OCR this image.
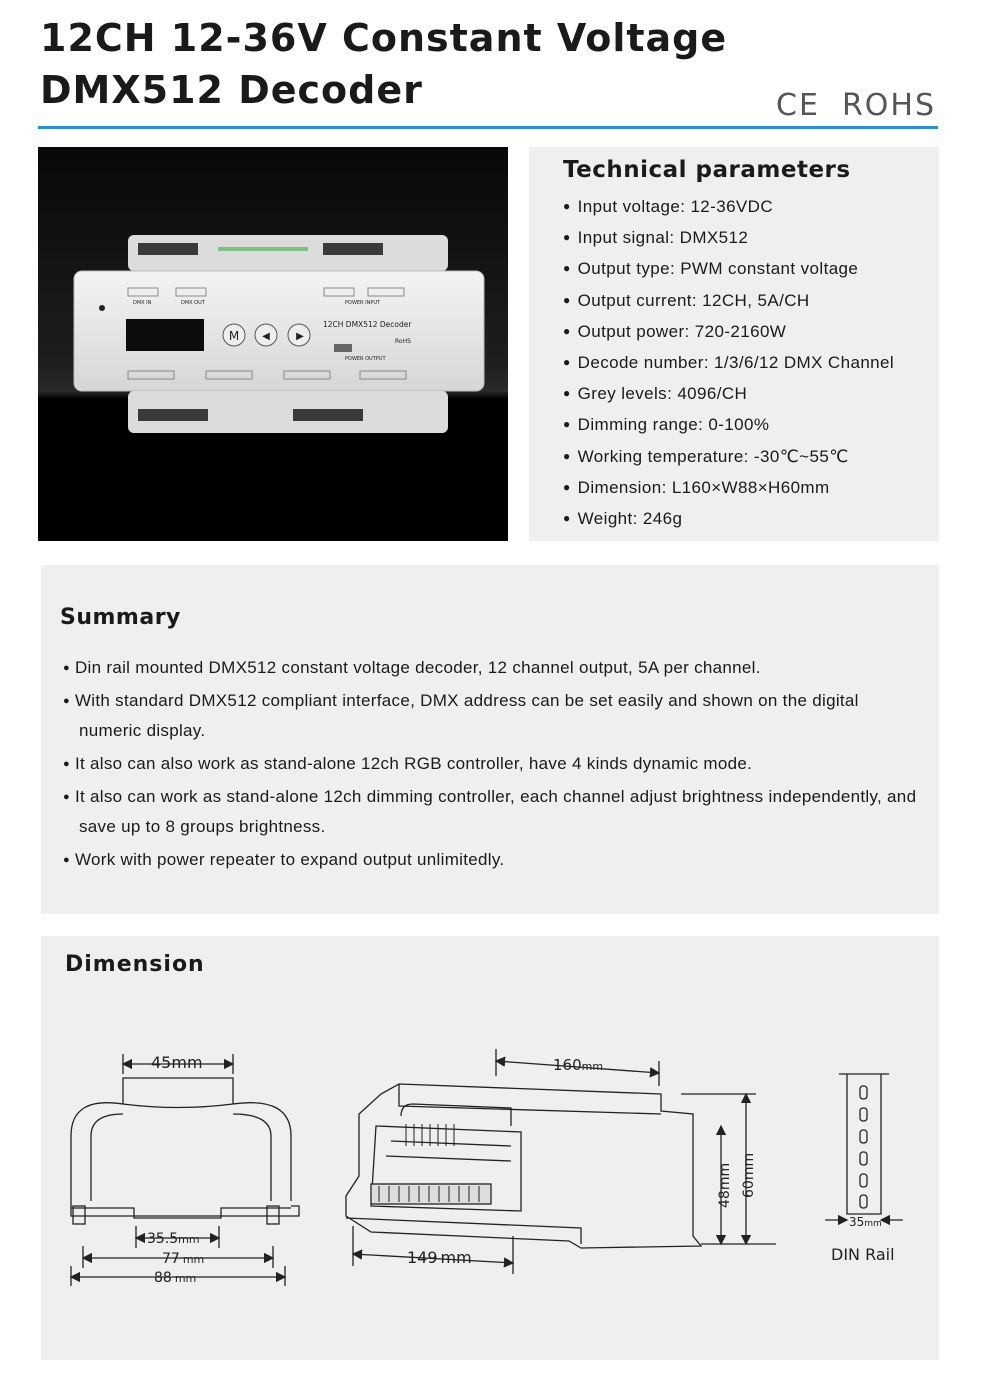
12CH 12-36V Constant Voltage
DMX512 Decoder	CE ROHS
M ◀	▶
12CH DMX512 Decoder
RoHS
DMX IN	DMX OUT	POWER INPUT
POWER OUTPUT
Technical parameters
● Input voltage: 12-36VDC
● Input signal: DMX512
● Output type: PWM constant voltage
● Output current: 12CH, 5A/CH
● Output power: 720-2160W
● Decode number: 1/3/6/12 DMX Channel
● Grey levels: 4096/CH
● Dimming range: 0-100%
● Working temperature: -30℃~55℃
● Dimension: L160×W88×H60mm
● Weight: 246g
Summary
● Din rail mounted DMX512 constant voltage decoder, 12 channel output, 5A per channel.
● With standard DMX512 compliant interface, DMX address can be set easily and shown on the digital numeric display.
● It also can also work as stand-alone 12ch RGB controller, have 4 kinds dynamic mode.
● It also can work as stand-alone 12ch dimming controller, each channel adjust brightness independently, and save up to 8 groups brightness.
● Work with power repeater to expand output unlimitedly.
Dimension
45mm
35.5mm
77 mm
88 mm
160mm
149 mm
48mm 60mm
35mm
DIN Rail
